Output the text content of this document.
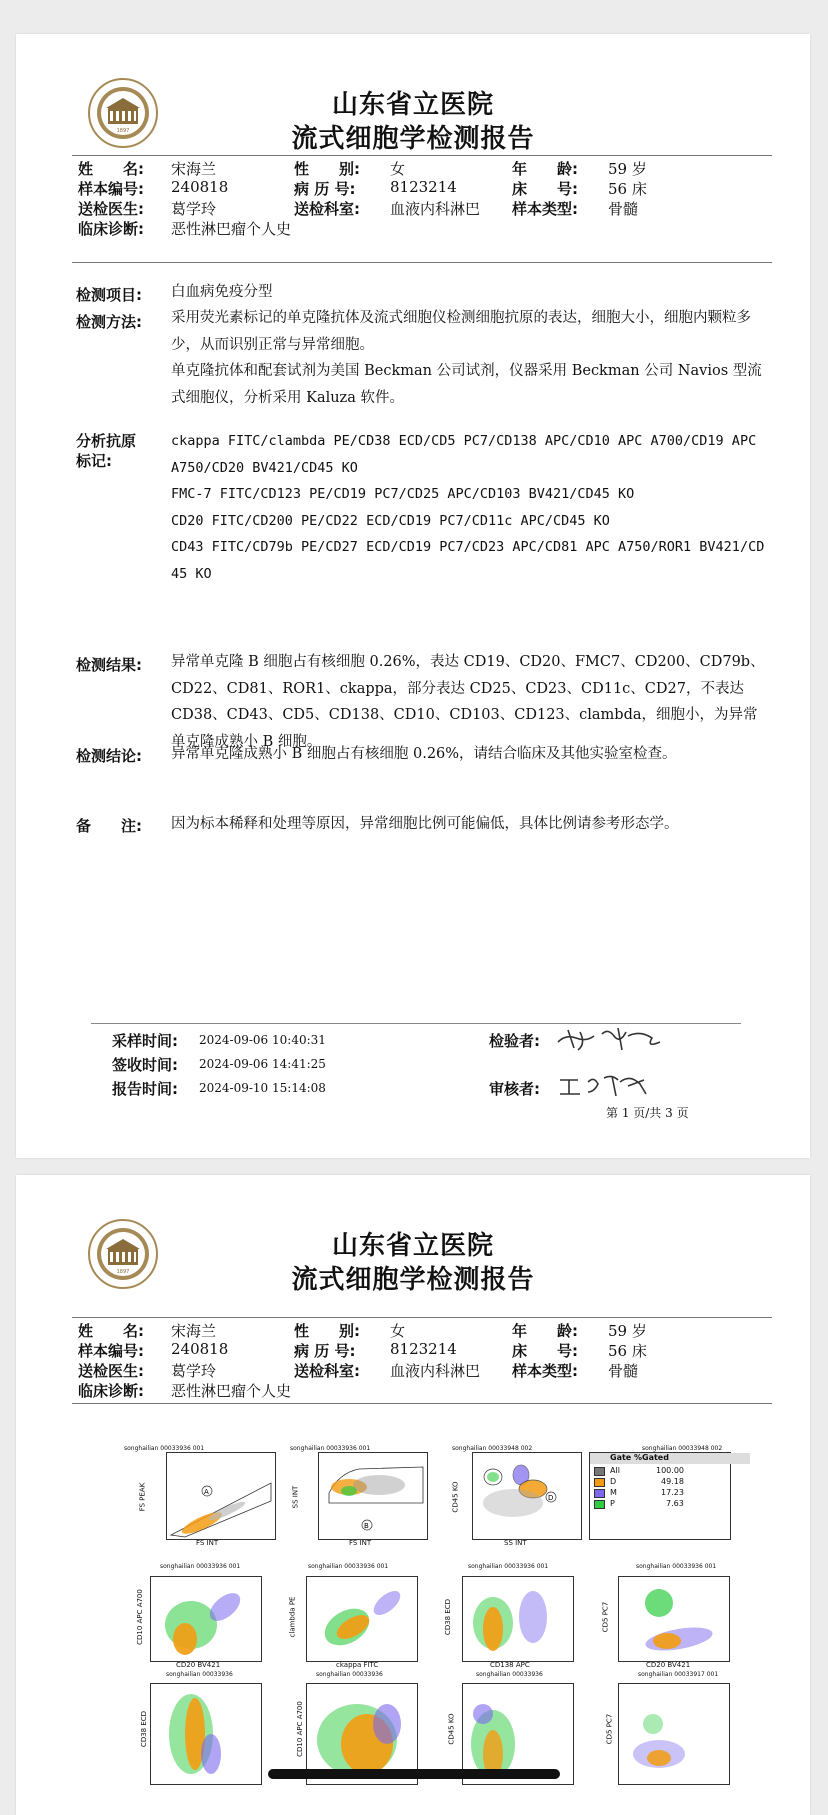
1897
山东省立医院
流式细胞学检测报告
姓　　名: 宋海兰	性　　别: 女	年　　龄: 59 岁
样本编号: 240818	病 历 号: 8123214	床　　号: 56 床
送检医生: 葛学玲	送检科室: 血液内科淋巴 样本类型: 骨髓
临床诊断: 恶性淋巴瘤个人史
检测项目: 白血病免疫分型
检测方法: 采用荧光素标记的单克隆抗体及流式细胞仪检测细胞抗原的表达，细胞大小，细胞内颗粒多少，从而识别正常与异常细胞。
单克隆抗体和配套试剂为美国 Beckman 公司试剂，仪器采用 Beckman 公司 Navios 型流式细胞仪，分析采用 Kaluza 软件。
分析抗原
标记:
ckappa FITC/clambda PE/CD38 ECD/CD5 PC7/CD138 APC/CD10 APC A700/CD19 APC A750/CD20 BV421/CD45 KO
FMC-7 FITC/CD123 PE/CD19 PC7/CD25 APC/CD103 BV421/CD45 KO
CD20 FITC/CD200 PE/CD22 ECD/CD19 PC7/CD11c APC/CD45 KO
CD43 FITC/CD79b PE/CD27 ECD/CD19 PC7/CD23 APC/CD81 APC A750/ROR1 BV421/CD45 KO
检测结果: 异常单克隆 B 细胞占有核细胞 0.26%，表达 CD19、CD20、FMC7、CD200、CD79b、CD22、CD81、ROR1、ckappa，部分表达 CD25、CD23、CD11c、CD27，不表达 CD38、CD43、CD5、CD138、CD10、CD103、CD123、clambda，细胞小，为异常单克隆成熟小 B 细胞。
检测结论: 异常单克隆成熟小 B 细胞占有核细胞 0.26%，请结合临床及其他实验室检查。
备　　注: 因为标本稀释和处理等原因，异常细胞比例可能偏低，具体比例请参考形态学。
采样时间: 2024-09-06 10:40:31
签收时间: 2024-09-06 14:41:25
报告时间: 2024-09-10 15:14:08
检验者:
审核者:
第 1 页/共 3 页
1897
山东省立医院
流式细胞学检测报告
姓　　名: 宋海兰	性　　别: 女	年　　龄: 59 岁
样本编号: 240818	病 历 号: 8123214	床　　号: 56 床
送检医生: 葛学玲	送检科室: 血液内科淋巴 样本类型: 骨髓
临床诊断: 恶性淋巴瘤个人史
songhailian 00033936 001
A
FS INT
FS PEAK
songhailian 00033936 001
B
FS INT
SS INT
songhailian 00033948 002
D
SS INT
CD45 KO
songhailian 00033948 002
Gate %Gated
All	100.00
D	49.18
M	17.23
P	7.63
songhailian 00033936 001
CD20 BV421
CD10 APC A700
songhailian 00033936 001
ckappa FITC
clambda PE
songhailian 00033936 001
CD138 APC
CD38 ECD
songhailian 00033936 001
CD20 BV421
CD5 PC7
songhailian 00033936
CD38 ECD
songhailian 00033936
CD10 APC A700
songhailian 00033936
CD45 KO
songhailian 00033917 001
CD5 PC7
